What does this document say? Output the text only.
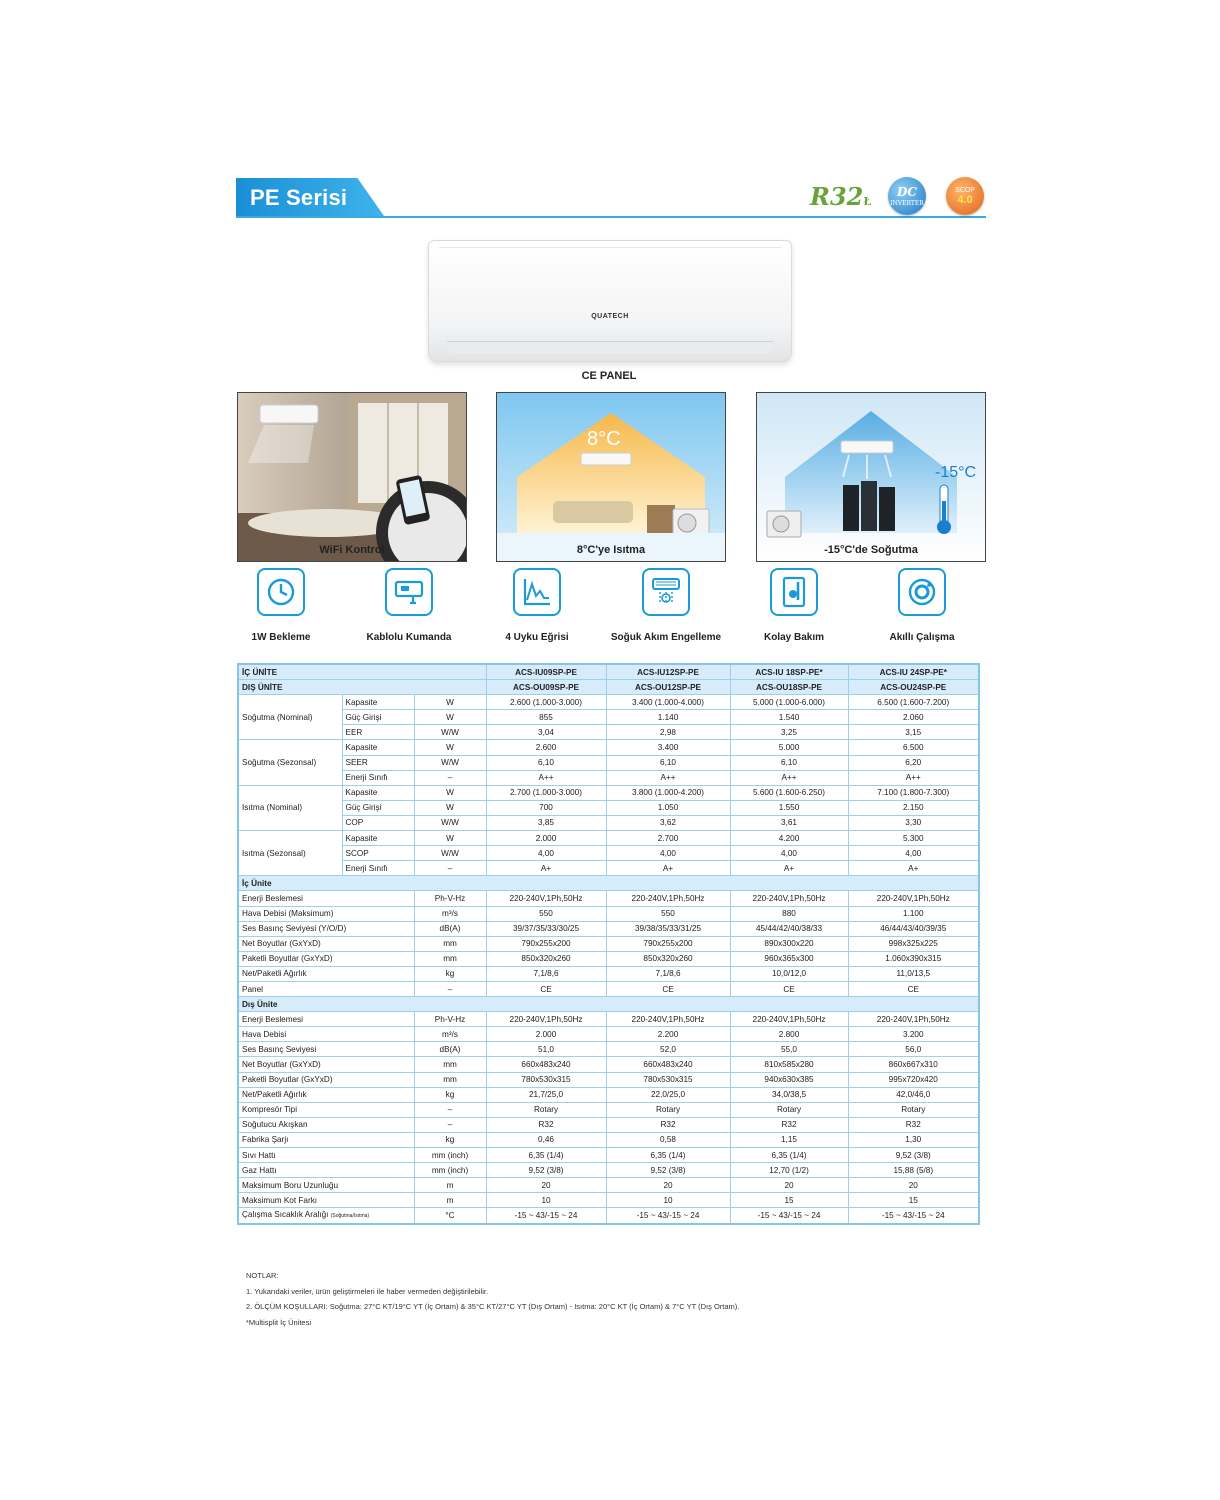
PE Serisi	R32Ł
DC
INVERTER
SCOP
4.0
QUATECH
CE PANEL
WiFi Kontrol
8°C
8°C'ye Isıtma
-15°C
-15°C'de Soğutma
1W Bekleme	Kablolu Kumanda	4 Uyku Eğrisi	Soğuk Akım Engelleme	Kolay Bakım	Akıllı Çalışma
İÇ ÜNİTE			ACS-IU09SP-PE	ACS-IU12SP-PE	ACS-IU 18SP-PE*	ACS-IU 24SP-PE*
DIŞ ÜNİTE			ACS-OU09SP-PE	ACS-OU12SP-PE	ACS-OU18SP-PE	ACS-OU24SP-PE
Soğutma (Nominal)	Kapasite	W	2.600 (1.000-3.000)	3.400 (1.000-4.000)	5.000 (1.000-6.000)	6.500 (1.600-7.200)
	Güç Girişi	W	855	1.140	1.540	2.060
	EER	W/W	3,04	2,98	3,25	3,15
Soğutma (Sezonsal)	Kapasite	W	2.600	3.400	5.000	6.500
	SEER	W/W	6,10	6,10	6,10	6,20
	Enerji Sınıfı	–	A++	A++	A++	A++
Isıtma (Nominal)	Kapasite	W	2.700 (1.000-3.000)	3.800 (1.000-4.200)	5.600 (1.600-6.250)	7.100 (1.800-7.300)
	Güç Girişi	W	700	1.050	1.550	2.150
	COP	W/W	3,85	3,62	3,61	3,30
Isıtma (Sezonsal)	Kapasite	W	2.000	2.700	4.200	5.300
	SCOP	W/W	4,00	4,00	4,00	4,00
	Enerji Sınıfı	–	A+	A+	A+	A+
İç Ünite						
Enerji Beslemesi		Ph-V-Hz	220-240V,1Ph,50Hz	220-240V,1Ph,50Hz	220-240V,1Ph,50Hz	220-240V,1Ph,50Hz
Hava Debisi (Maksimum)		m³/s	550	550	880	1.100
Ses Basınç Seviyesi (Y/O/D)		dB(A)	39/37/35/33/30/25	39/38/35/33/31/25	45/44/42/40/38/33	46/44/43/40/39/35
Net Boyutlar (GxYxD)		mm	790x255x200	790x255x200	890x300x220	998x325x225
Paketli Boyutlar (GxYxD)		mm	850x320x260	850x320x260	960x365x300	1.060x390x315
Net/Paketli Ağırlık		kg	7,1/8,6	7,1/8,6	10,0/12,0	11,0/13,5
Panel		–	CE	CE	CE	CE
Dış Ünite						
Enerji Beslemesi		Ph-V-Hz	220-240V,1Ph,50Hz	220-240V,1Ph,50Hz	220-240V,1Ph,50Hz	220-240V,1Ph,50Hz
Hava Debisi		m³/s	2.000	2.200	2.800	3.200
Ses Basınç Seviyesi		dB(A)	51,0	52,0	55,0	56,0
Net Boyutlar (GxYxD)		mm	660x483x240	660x483x240	810x585x280	860x667x310
Paketli Boyutlar (GxYxD)		mm	780x530x315	780x530x315	940x630x385	995x720x420
Net/Paketli Ağırlık		kg	21,7/25,0	22,0/25,0	34,0/38,5	42,0/46,0
Kompresör Tipi		–	Rotary	Rotary	Rotary	Rotary
Soğutucu Akışkan		–	R32	R32	R32	R32
Fabrika Şarjı		kg	0,46	0,58	1,15	1,30
Sıvı Hattı		mm (inch)	6,35 (1/4)	6,35 (1/4)	6,35 (1/4)	9,52 (3/8)
Gaz Hattı		mm (inch)	9,52 (3/8)	9,52 (3/8)	12,70 (1/2)	15,88 (5/8)
Maksimum Boru Uzunluğu		m	20	20	20	20
Maksimum Kot Farkı		m	10	10	15	15
Çalışma Sıcaklık Aralığı (Soğutma/Isıtma)		°C	-15 ~ 43/-15 ~ 24	-15 ~ 43/-15 ~ 24	-15 ~ 43/-15 ~ 24	-15 ~ 43/-15 ~ 24
NOTLAR:
1. Yukarıdaki veriler, ürün geliştirmeleri ile haber vermeden değiştirilebilir.
2. ÖLÇÜM KOŞULLARI: Soğutma: 27°C KT/19°C YT (İç Ortam) & 35°C KT/27°C YT (Dış Ortam) - Isıtma: 20°C KT (İç Ortam) & 7°C YT (Dış Ortam).
*Multisplit İç Ünitesi
